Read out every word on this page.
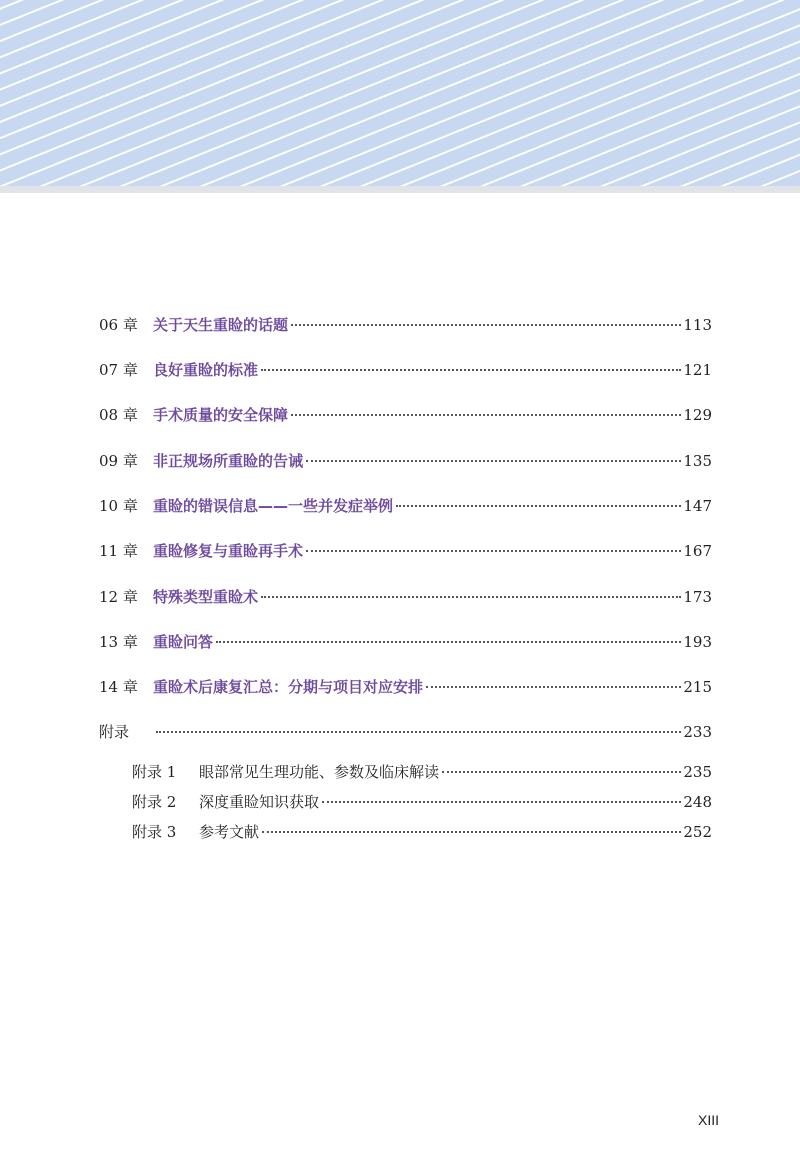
06 章	关于天生重睑的话题	113
07 章	良好重睑的标准	121
08 章	手术质量的安全保障	129
09 章	非正规场所重睑的告诫	135
10 章	重睑的错误信息——一些并发症举例	147
11 章	重睑修复与重睑再手术	167
12 章	特殊类型重睑术	173
13 章	重睑问答	193
14 章	重睑术后康复汇总：分期与项目对应安排	215
附录	233
附录 1	眼部常见生理功能、参数及临床解读	235
附录 2	深度重睑知识获取	248
附录 3	参考文献	252
XIII
